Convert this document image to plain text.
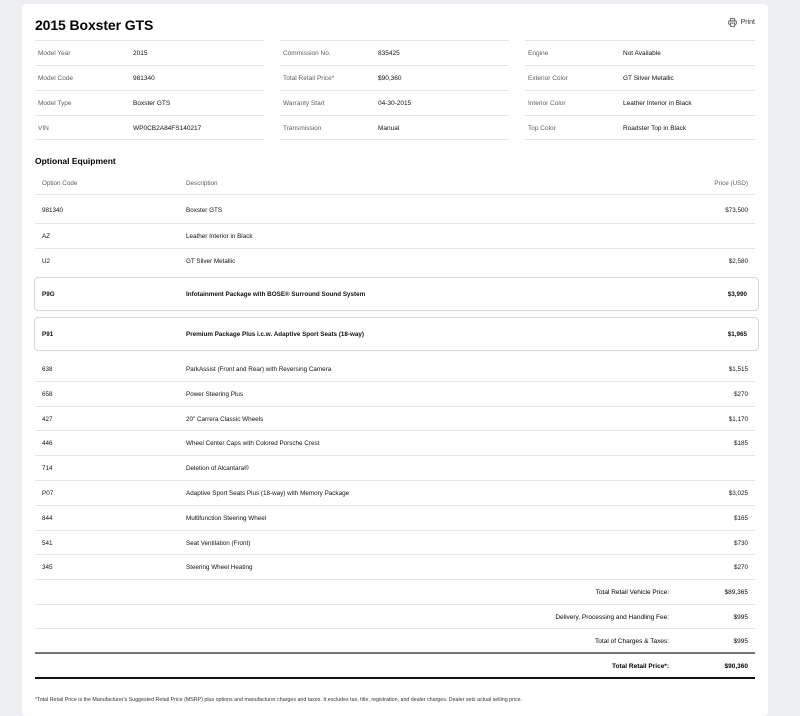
2015 Boxster GTS	Print
Model Year	2015
Model Code	981340
Model Type	Boxster GTS
VIN	WP0CB2A84FS140217
Commission No.	835425
Total Retail Price*	$90,360
Warranty Start	04-30-2015
Transmission	Manual
Engine	Not Available
Exterior Color	GT Silver Metallic
Interior Color	Leather Interior in Black
Top Color	Roadster Top in Black
Optional Equipment
Option Code	Description	Price (USD)
981340	Boxster GTS	$73,500
AZ	Leather Interior in Black
U2	GT Silver Metallic	$2,580
P9G	Infotainment Package with BOSE® Surround Sound System	$3,990
P91	Premium Package Plus i.c.w. Adaptive Sport Seats (18-way)	$1,965
638	ParkAssist (Front and Rear) with Reversing Camera	$1,515
658	Power Steering Plus	$270
427	20" Carrera Classic Wheels	$1,170
446	Wheel Center Caps with Colored Porsche Crest	$185
714	Deletion of Alcantara®
P07	Adaptive Sport Seats Plus (18-way) with Memory Package	$3,025
844	Multifunction Steering Wheel	$165
541	Seat Ventilation (Front)	$730
345	Steering Wheel Heating	$270
Total Retail Vehicle Price:	$89,365
Delivery, Processing and Handling Fee:	$995
Total of Charges & Taxes:	$995
Total Retail Price*:	$90,360
*Total Retail Price is the Manufacturer's Suggested Retail Price (MSRP) plus options and manufacturer charges and taxes. It excludes tax, title, registration, and dealer charges. Dealer sets actual selling price.
